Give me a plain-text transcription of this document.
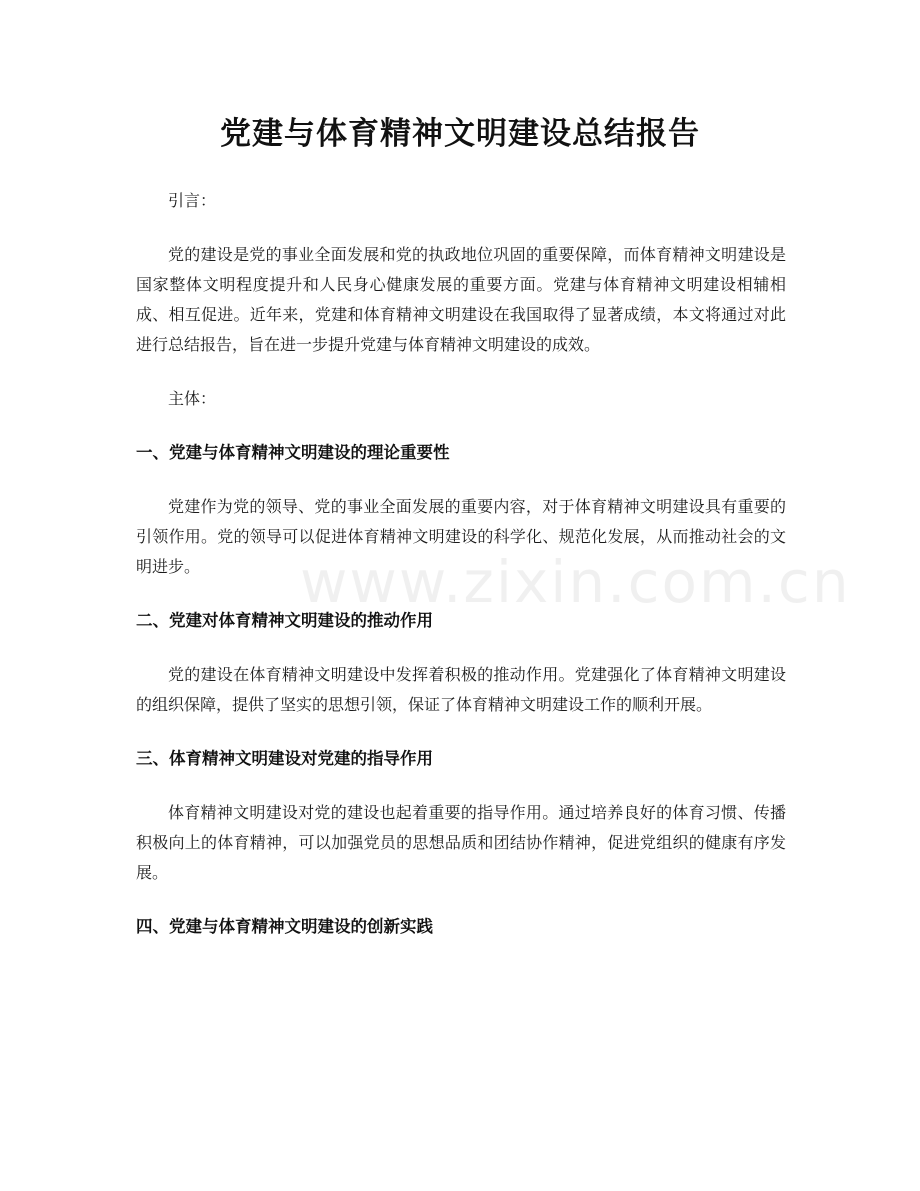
党建与体育精神文明建设总结报告

引言：

党的建设是党的事业全面发展和党的执政地位巩固的重要保障，而体育精神文明建设是国家整体文明程度提升和人民身心健康发展的重要方面。党建与体育精神文明建设相辅相成、相互促进。近年来，党建和体育精神文明建设在我国取得了显著成绩，本文将通过对此进行总结报告，旨在进一步提升党建与体育精神文明建设的成效。

主体：

一、党建与体育精神文明建设的理论重要性

党建作为党的领导、党的事业全面发展的重要内容，对于体育精神文明建设具有重要的引领作用。党的领导可以促进体育精神文明建设的科学化、规范化发展，从而推动社会的文明进步。

二、党建对体育精神文明建设的推动作用

党的建设在体育精神文明建设中发挥着积极的推动作用。党建强化了体育精神文明建设的组织保障，提供了坚实的思想引领，保证了体育精神文明建设工作的顺利开展。

三、体育精神文明建设对党建的指导作用

体育精神文明建设对党的建设也起着重要的指导作用。通过培养良好的体育习惯、传播积极向上的体育精神，可以加强党员的思想品质和团结协作精神，促进党组织的健康有序发展。

四、党建与体育精神文明建设的创新实践
www.zixin.com.cn
